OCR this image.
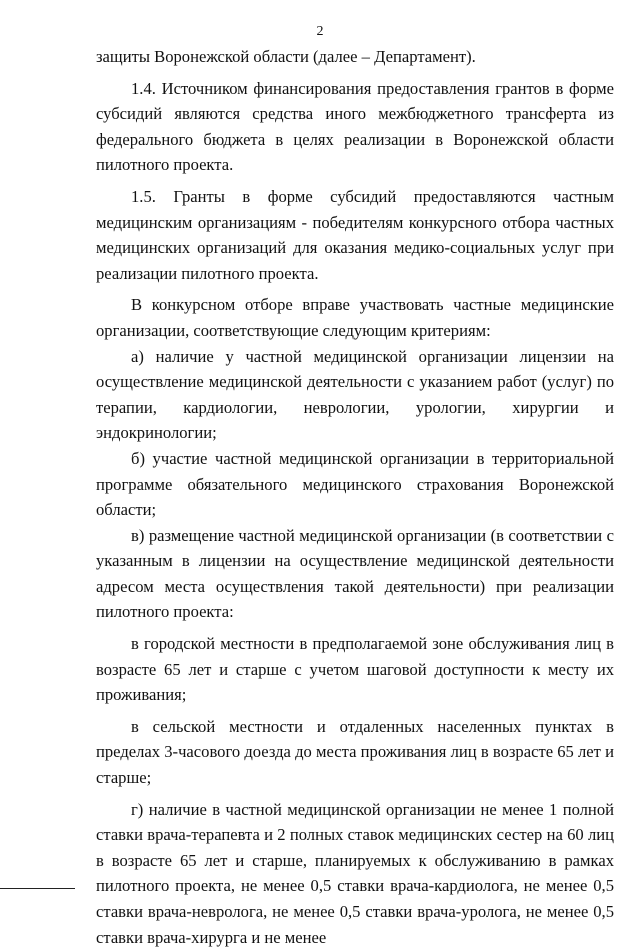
2

защиты Воронежской области (далее – Департамент).

1.4. Источником финансирования предоставления грантов в форме субсидий являются средства иного межбюджетного трансферта из федерального бюджета в целях реализации в Воронежской области пилотного проекта.

1.5. Гранты в форме субсидий предоставляются частным медицинским организациям - победителям конкурсного отбора частных медицинских организаций для оказания медико-социальных услуг при реализации пилотного проекта.

В конкурсном отборе вправе участвовать частные медицинские организации, соответствующие следующим критериям:

а) наличие у частной медицинской организации лицензии на осуществление медицинской деятельности с указанием работ (услуг) по терапии, кардиологии, неврологии, урологии, хирургии и эндокринологии;

б) участие частной медицинской организации в территориальной программе обязательного медицинского страхования Воронежской области;

в) размещение частной медицинской организации (в соответствии с указанным в лицензии на осуществление медицинской деятельности адресом места осуществления такой деятельности) при реализации пилотного проекта:

в городской местности в предполагаемой зоне обслуживания лиц в возрасте 65 лет и старше с учетом шаговой доступности к месту их проживания;

в сельской местности и отдаленных населенных пунктах в пределах 3-часового доезда до места проживания лиц в возрасте 65 лет и старше;

г) наличие в частной медицинской организации не менее 1 полной ставки врача-терапевта и 2 полных ставок медицинских сестер на 60 лиц в возрасте 65 лет и старше, планируемых к обслуживанию в рамках пилотного проекта, не менее 0,5 ставки врача-кардиолога, не менее 0,5 ставки врача-невролога, не менее 0,5 ставки врача-уролога, не менее 0,5 ставки врача-хирурга и не менее
